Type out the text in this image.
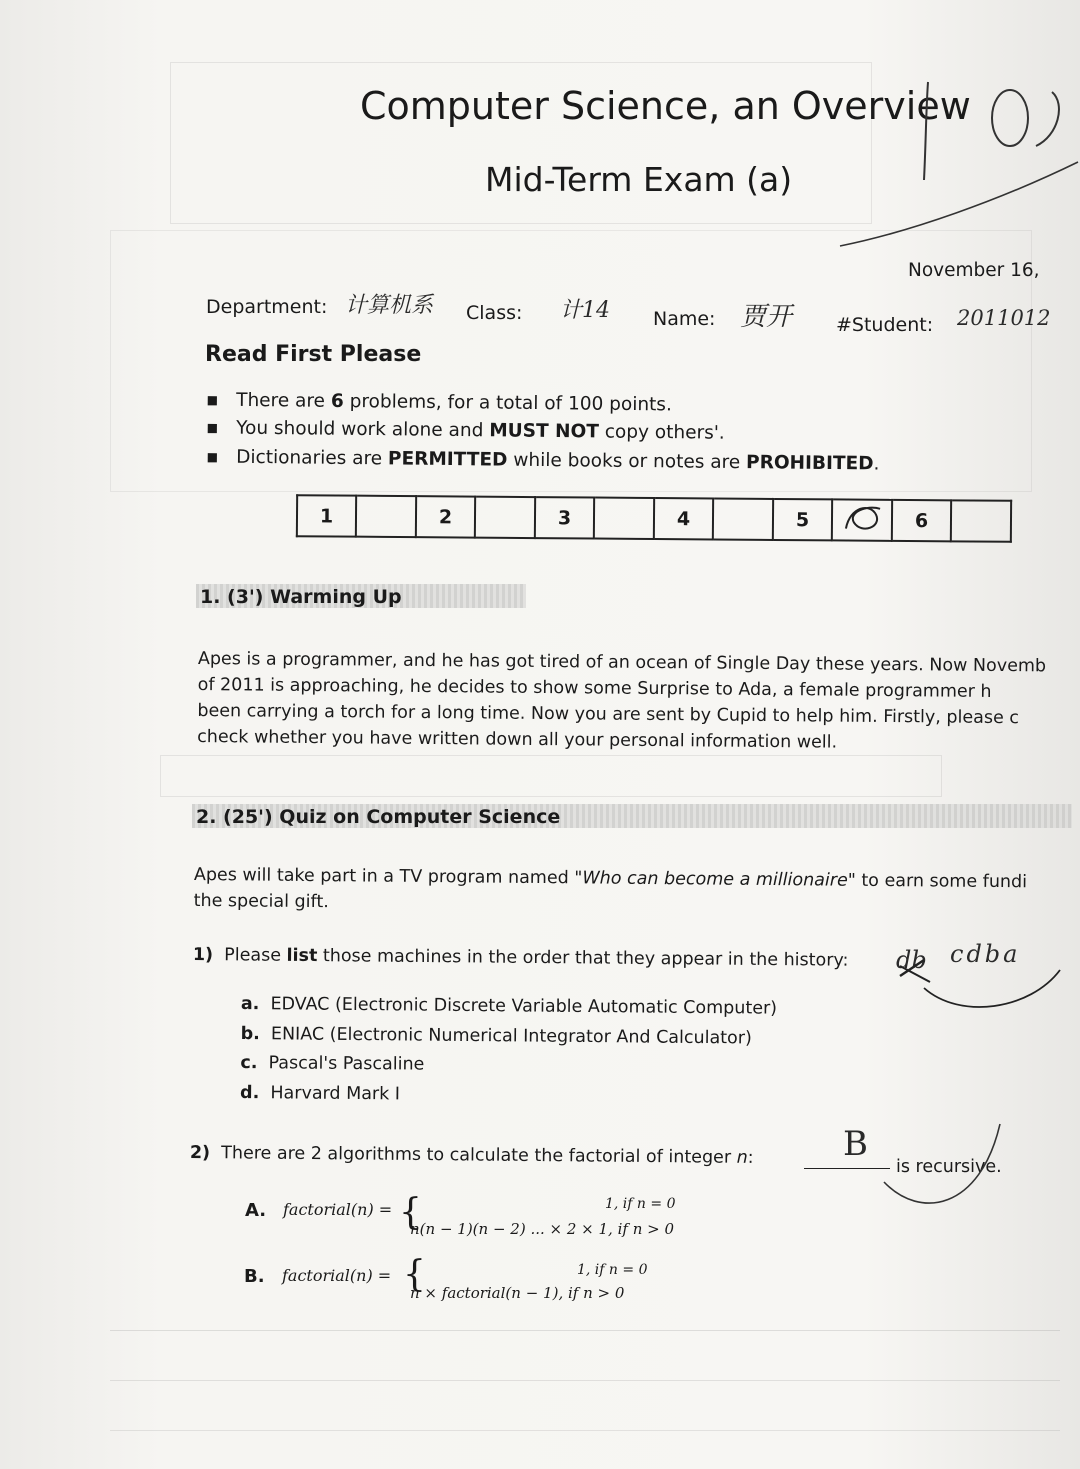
Computer Science, an Overview
Mid-Term Exam (a)
November 16,
Department: 计算机系 Class: 计14 Name: 贾开 #Student: 2011012
Read First Please
▪ There are 6 problems, for a total of 100 points.
▪ You should work alone and MUST NOT copy others'.
▪ Dictionaries are PERMITTED while books or notes are PROHIBITED.
1		2		3		4		5		6	
1. (3') Warming Up
Apes is a programmer, and he has got tired of an ocean of Single Day these years. Now Novemb
of 2011 is approaching, he decides to show some Surprise to Ada, a female programmer h
been carrying a torch for a long time. Now you are sent by Cupid to help him. Firstly, please c
check whether you have written down all your personal information well.
2. (25') Quiz on Computer Science
Apes will take part in a TV program named "Who can become a millionaire" to earn some fundi
the special gift.
1) Please list those machines in the order that they appear in the history: db cdba
a. EDVAC (Electronic Discrete Variable Automatic Computer)
b. ENIAC (Electronic Numerical Integrator And Calculator)
c. Pascal's Pascaline
d. Harvard Mark I
2) There are 2 algorithms to calculate the factorial of integer n:	B
is recursive.
A. factorial(n) = {	1, if n = 0
n(n − 1)(n − 2) ... × 2 × 1, if n > 0
B. factorial(n) = {	1, if n = 0
n × factorial(n − 1), if n > 0
